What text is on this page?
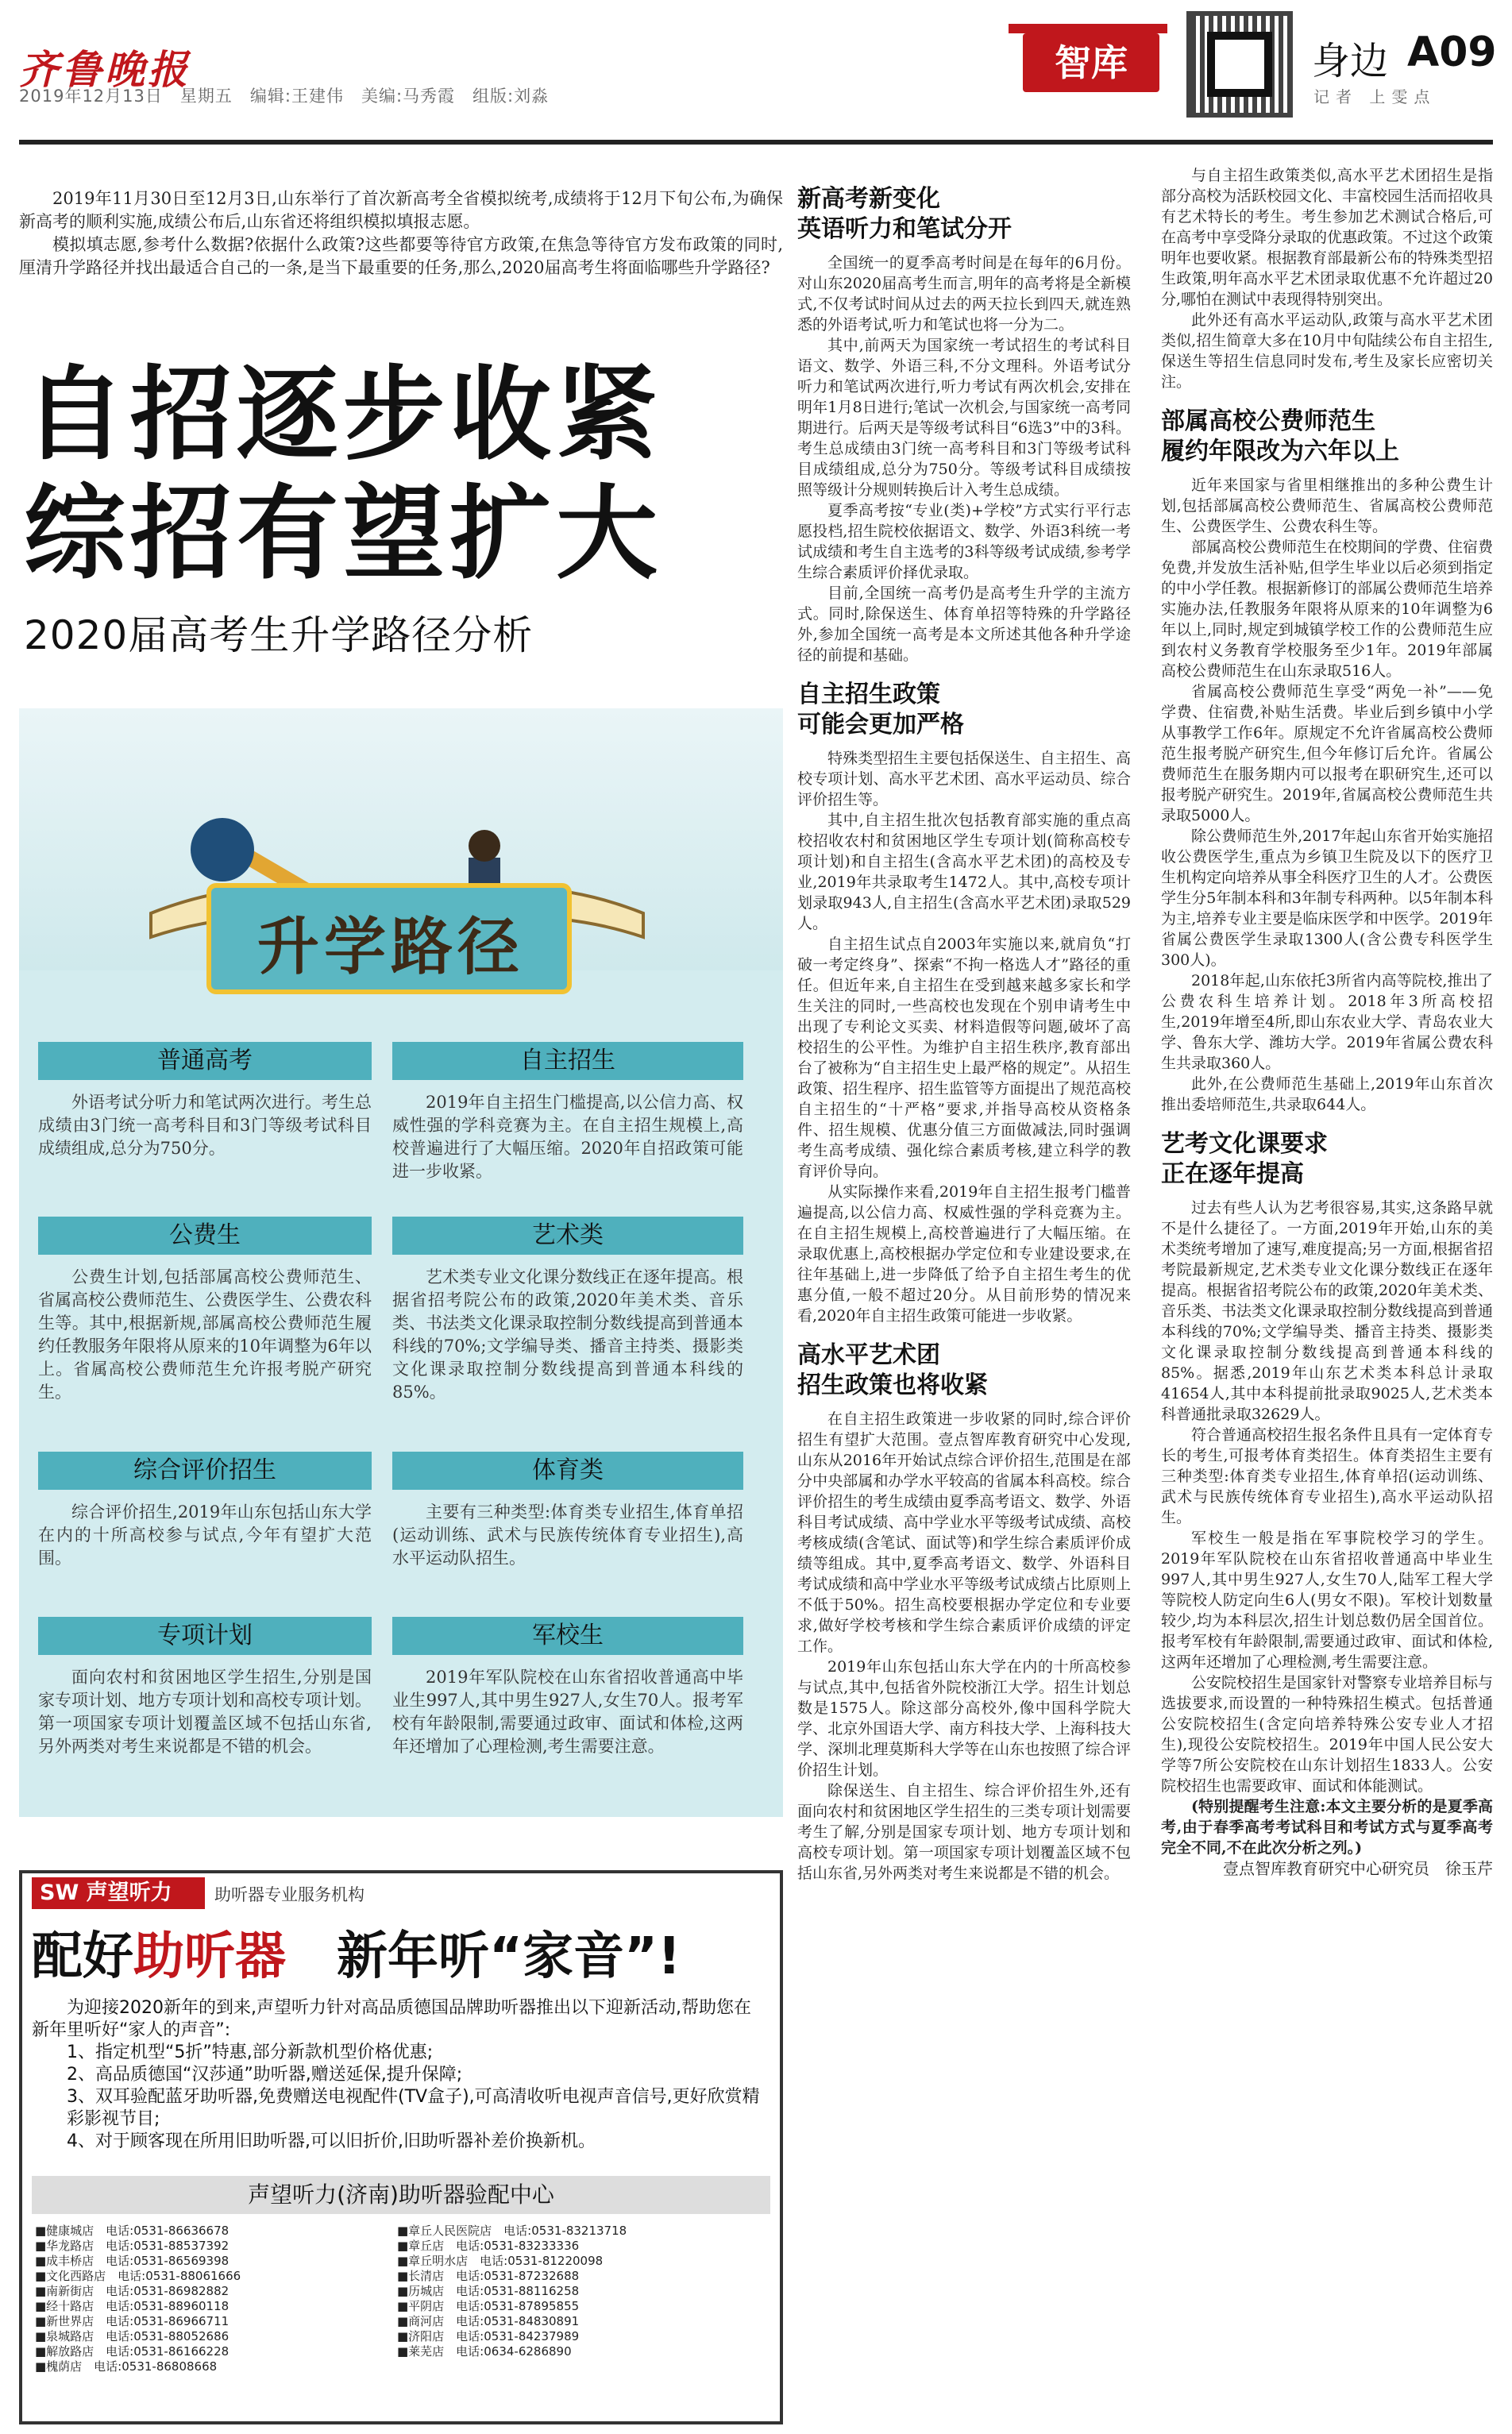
齐鲁晚报
2019年12月13日　星期五　编辑:王建伟　美编:马秀霞　组版:刘淼
智库	身边 A09
记者 上雯点

2019年11月30日至12月3日,山东举行了首次新高考全省模拟统考,成绩将于12月下旬公布,为确保新高考的顺利实施,成绩公布后,山东省还将组织模拟填报志愿。

模拟填志愿,参考什么数据?依据什么政策?这些都要等待官方政策,在焦急等待官方发布政策的同时,厘清升学路径并找出最适合自己的一条,是当下最重要的任务,那么,2020届高考生将面临哪些升学路径?

自招逐步收紧
综招有望扩大
2020届高考生升学路径分析
升学路径
普通高考
外语考试分听力和笔试两次进行。考生总成绩由3门统一高考科目和3门等级考试科目成绩组成,总分为750分。
自主招生
2019年自主招生门槛提高,以公信力高、权威性强的学科竞赛为主。在自主招生规模上,高校普遍进行了大幅压缩。2020年自招政策可能进一步收紧。
公费生
公费生计划,包括部属高校公费师范生、省属高校公费师范生、公费医学生、公费农科生等。其中,根据新规,部属高校公费师范生履约任教服务年限将从原来的10年调整为6年以上。省属高校公费师范生允许报考脱产研究生。
艺术类
艺术类专业文化课分数线正在逐年提高。根据省招考院公布的政策,2020年美术类、音乐类、书法类文化课录取控制分数线提高到普通本科线的70%;文学编导类、播音主持类、摄影类文化课录取控制分数线提高到普通本科线的85%。
综合评价招生
综合评价招生,2019年山东包括山东大学在内的十所高校参与试点,今年有望扩大范围。
体育类
主要有三种类型:体育类专业招生,体育单招(运动训练、武术与民族传统体育专业招生),高水平运动队招生。
专项计划
面向农村和贫困地区学生招生,分别是国家专项计划、地方专项计划和高校专项计划。第一项国家专项计划覆盖区域不包括山东省,另外两类对考生来说都是不错的机会。
军校生
2019年军队院校在山东省招收普通高中毕业生997人,其中男生927人,女生70人。报考军校有年龄限制,需要通过政审、面试和体检,这两年还增加了心理检测,考生需要注意。
SW 声望听力	助听器专业服务机构
配好助听器　新年听“家音”!

为迎接2020新年的到来,声望听力针对高品质德国品牌助听器推出以下迎新活动,帮助您在新年里听好“家人的声音”:

1、指定机型“5折”特惠,部分新款机型价格优惠;

2、高品质德国“汉莎通”助听器,赠送延保,提升保障;

3、双耳验配蓝牙助听器,免费赠送电视配件(TV盒子),可高清收听电视声音信号,更好欣赏精彩影视节目;

4、对于顾客现在所用旧助听器,可以旧折价,旧助听器补差价换新机。

声望听力(济南)助听器验配中心

■健康城店　电话:0531-86636678

■华龙路店　电话:0531-88537392

■成丰桥店　电话:0531-86569398

■文化西路店　电话:0531-88061666

■南新街店　电话:0531-86982882

■经十路店　电话:0531-88960118

■新世界店　电话:0531-86966711

■泉城路店　电话:0531-88052686

■解放路店　电话:0531-86166228

■槐荫店　电话:0531-86808668

■章丘人民医院店　电话:0531-83213718

■章丘店　电话:0531-83233336

■章丘明水店　电话:0531-81220098

■长清店　电话:0531-87232688

■历城店　电话:0531-88116258

■平阴店　电话:0531-87895855

■商河店　电话:0531-84830891

■济阳店　电话:0531-84237989

■莱芜店　电话:0634-6286890

新高考新变化
英语听力和笔试分开

全国统一的夏季高考时间是在每年的6月份。对山东2020届高考生而言,明年的高考将是全新模式,不仅考试时间从过去的两天拉长到四天,就连熟悉的外语考试,听力和笔试也将一分为二。

其中,前两天为国家统一考试招生的考试科目语文、数学、外语三科,不分文理科。外语考试分听力和笔试两次进行,听力考试有两次机会,安排在明年1月8日进行;笔试一次机会,与国家统一高考同期进行。后两天是等级考试科目“6选3”中的3科。考生总成绩由3门统一高考科目和3门等级考试科目成绩组成,总分为750分。等级考试科目成绩按照等级计分规则转换后计入考生总成绩。

夏季高考按“专业(类)+学校”方式实行平行志愿投档,招生院校依据语文、数学、外语3科统一考试成绩和考生自主选考的3科等级考试成绩,参考学生综合素质评价择优录取。

目前,全国统一高考仍是高考生升学的主流方式。同时,除保送生、体育单招等特殊的升学路径外,参加全国统一高考是本文所述其他各种升学途径的前提和基础。

自主招生政策
可能会更加严格

特殊类型招生主要包括保送生、自主招生、高校专项计划、高水平艺术团、高水平运动员、综合评价招生等。

其中,自主招生批次包括教育部实施的重点高校招收农村和贫困地区学生专项计划(简称高校专项计划)和自主招生(含高水平艺术团)的高校及专业,2019年共录取考生1472人。其中,高校专项计划录取943人,自主招生(含高水平艺术团)录取529人。

自主招生试点自2003年实施以来,就肩负“打破一考定终身”、探索“不拘一格选人才”路径的重任。但近年来,自主招生在受到越来越多家长和学生关注的同时,一些高校也发现在个别申请考生中出现了专利论文买卖、材料造假等问题,破坏了高校招生的公平性。为维护自主招生秩序,教育部出台了被称为“自主招生史上最严格的规定”。从招生政策、招生程序、招生监管等方面提出了规范高校自主招生的“十严格”要求,并指导高校从资格条件、招生规模、优惠分值三方面做减法,同时强调考生高考成绩、强化综合素质考核,建立科学的教育评价导向。

从实际操作来看,2019年自主招生报考门槛普遍提高,以公信力高、权威性强的学科竞赛为主。在自主招生规模上,高校普遍进行了大幅压缩。在录取优惠上,高校根据办学定位和专业建设要求,在往年基础上,进一步降低了给予自主招生考生的优惠分值,一般不超过20分。从目前形势的情况来看,2020年自主招生政策可能进一步收紧。

高水平艺术团
招生政策也将收紧

在自主招生政策进一步收紧的同时,综合评价招生有望扩大范围。壹点智库教育研究中心发现,山东从2016年开始试点综合评价招生,范围是在部分中央部属和办学水平较高的省属本科高校。综合评价招生的考生成绩由夏季高考语文、数学、外语科目考试成绩、高中学业水平等级考试成绩、高校考核成绩(含笔试、面试等)和学生综合素质评价成绩等组成。其中,夏季高考语文、数学、外语科目考试成绩和高中学业水平等级考试成绩占比原则上不低于50%。招生高校要根据办学定位和专业要求,做好学校考核和学生综合素质评价成绩的评定工作。

2019年山东包括山东大学在内的十所高校参与试点,其中,包括省外院校浙江大学。招生计划总数是1575人。除这部分高校外,像中国科学院大学、北京外国语大学、南方科技大学、上海科技大学、深圳北理莫斯科大学等在山东也按照了综合评价招生计划。

除保送生、自主招生、综合评价招生外,还有面向农村和贫困地区学生招生的三类专项计划需要考生了解,分别是国家专项计划、地方专项计划和高校专项计划。第一项国家专项计划覆盖区域不包括山东省,另外两类对考生来说都是不错的机会。

与自主招生政策类似,高水平艺术团招生是指部分高校为活跃校园文化、丰富校园生活而招收具有艺术特长的考生。考生参加艺术测试合格后,可在高考中享受降分录取的优惠政策。不过这个政策明年也要收紧。根据教育部最新公布的特殊类型招生政策,明年高水平艺术团录取优惠不允许超过20分,哪怕在测试中表现得特别突出。

此外还有高水平运动队,政策与高水平艺术团类似,招生简章大多在10月中旬陆续公布自主招生,保送生等招生信息同时发布,考生及家长应密切关注。

部属高校公费师范生
履约年限改为六年以上

近年来国家与省里相继推出的多种公费生计划,包括部属高校公费师范生、省属高校公费师范生、公费医学生、公费农科生等。

部属高校公费师范生在校期间的学费、住宿费免费,并发放生活补贴,但学生毕业以后必须到指定的中小学任教。根据新修订的部属公费师范生培养实施办法,任教服务年限将从原来的10年调整为6年以上,同时,规定到城镇学校工作的公费师范生应到农村义务教育学校服务至少1年。2019年部属高校公费师范生在山东录取516人。

省属高校公费师范生享受“两免一补”——免学费、住宿费,补贴生活费。毕业后到乡镇中小学从事教学工作6年。原规定不允许省属高校公费师范生报考脱产研究生,但今年修订后允许。省属公费师范生在服务期内可以报考在职研究生,还可以报考脱产研究生。2019年,省属高校公费师范生共录取5000人。

除公费师范生外,2017年起山东省开始实施招收公费医学生,重点为乡镇卫生院及以下的医疗卫生机构定向培养从事全科医疗卫生的人才。公费医学生分5年制本科和3年制专科两种。以5年制本科为主,培养专业主要是临床医学和中医学。2019年省属公费医学生录取1300人(含公费专科医学生300人)。

2018年起,山东依托3所省内高等院校,推出了公费农科生培养计划。2018年3所高校招生,2019年增至4所,即山东农业大学、青岛农业大学、鲁东大学、潍坊大学。2019年省属公费农科生共录取360人。

此外,在公费师范生基础上,2019年山东首次推出委培师范生,共录取644人。

艺考文化课要求
正在逐年提高

过去有些人认为艺考很容易,其实,这条路早就不是什么捷径了。一方面,2019年开始,山东的美术类统考增加了速写,难度提高;另一方面,根据省招考院最新规定,艺术类专业文化课分数线正在逐年提高。根据省招考院公布的政策,2020年美术类、音乐类、书法类文化课录取控制分数线提高到普通本科线的70%;文学编导类、播音主持类、摄影类文化课录取控制分数线提高到普通本科线的85%。据悉,2019年山东艺术类本科总计录取41654人,其中本科提前批录取9025人,艺术类本科普通批录取32629人。

符合普通高校招生报名条件且具有一定体育专长的考生,可报考体育类招生。体育类招生主要有三种类型:体育类专业招生,体育单招(运动训练、武术与民族传统体育专业招生),高水平运动队招生。

军校生一般是指在军事院校学习的学生。2019年军队院校在山东省招收普通高中毕业生997人,其中男生927人,女生70人,陆军工程大学等院校人防定向生6人(男女不限)。军校计划数量较少,均为本科层次,招生计划总数仍居全国首位。报考军校有年龄限制,需要通过政审、面试和体检,这两年还增加了心理检测,考生需要注意。

公安院校招生是国家针对警察专业培养目标与选拔要求,而设置的一种特殊招生模式。包括普通公安院校招生(含定向培养特殊公安专业人才招生),现役公安院校招生。2019年中国人民公安大学等7所公安院校在山东计划招生1833人。公安院校招生也需要政审、面试和体能测试。

(特别提醒考生注意:本文主要分析的是夏季高考,由于春季高考考试科目和考试方式与夏季高考完全不同,不在此次分析之列。)

壹点智库教育研究中心研究员　徐玉芹
